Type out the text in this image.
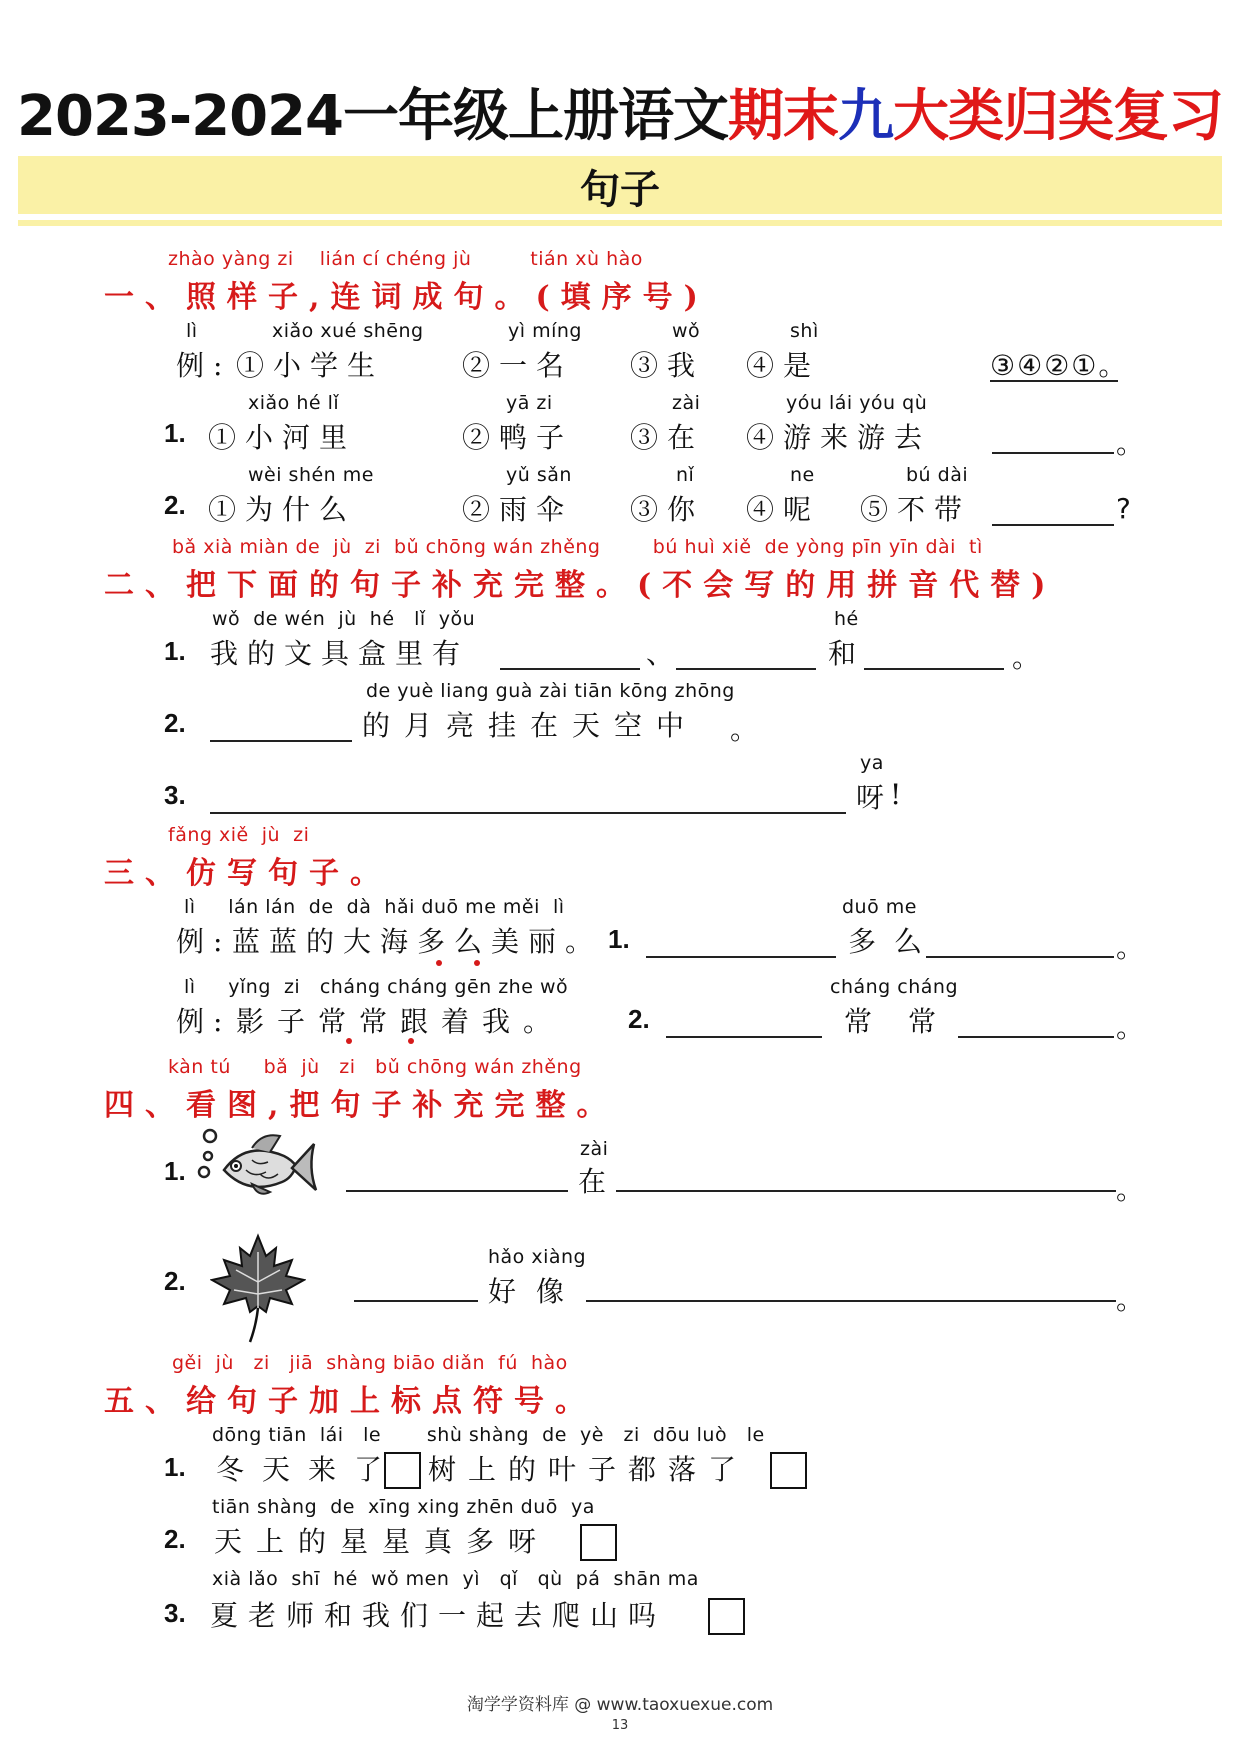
2023-2024一年级上册语文期末九大类归类复习
句子
zhào yàng zi    lián cí chéng jù         tián xù hào
一、照样子,连词成句。(填序号)
lì	xiǎo xué shēng	yì míng	wǒ	shì
例: ①小学生	②一名 ③我 ④是	③④②①。
xiǎo hé lǐ	yā zi	zài	yóu lái yóu qù
1. ①小河里	②鸭子 ③在 ④游来游去	。
wèi shén me	yǔ sǎn	nǐ	ne	bú dài
2. ①为什么	②雨伞 ③你 ④呢 ⑤不带	?
bǎ xià miàn de  jù  zi  bǔ chōng wán zhěng        bú huì xiě  de yòng pīn yīn dài  tì
二、把下面的句子补充完整。(不会写的用拼音代替)
wǒ  de wén  jù  hé   lǐ  yǒu	hé
1. 我的文具盒里有	、	和	。
de yuè liang guà zài tiān kōng zhōng
2.	的月亮挂在天空中 。
ya
3.	呀
!
fǎng xiě  jù  zi
三、仿写句子。
lì     lán lán  de  dà  hǎi duō me měi  lì	duō me
例: 蓝蓝的大海多么美丽。 1.	多么	。
lì     yǐng  zi   cháng cháng gēn zhe wǒ	cháng cháng
例: 影子常常跟着我。 2.	常常	。
kàn tú     bǎ  jù   zi   bǔ chōng wán zhěng
四、看图,把句子补充完整。
1.
zài
在	。
2.
hǎo xiàng
好像	。
gěi  jù   zi   jiā  shàng biāo diǎn  fú  hào
五、给句子加上标点符号。
dōng tiān  lái   le       shù shàng  de  yè   zi  dōu luò   le
1. 冬天来了 树上的叶子都落了
tiān shàng  de  xīng xing zhēn duō  ya
2. 天上的星星真多呀
xià lǎo  shī  hé  wǒ men  yì   qǐ   qù  pá  shān ma
3. 夏老师和我们一起去爬山吗
淘学学资料库 @ www.taoxuexue.com
13
